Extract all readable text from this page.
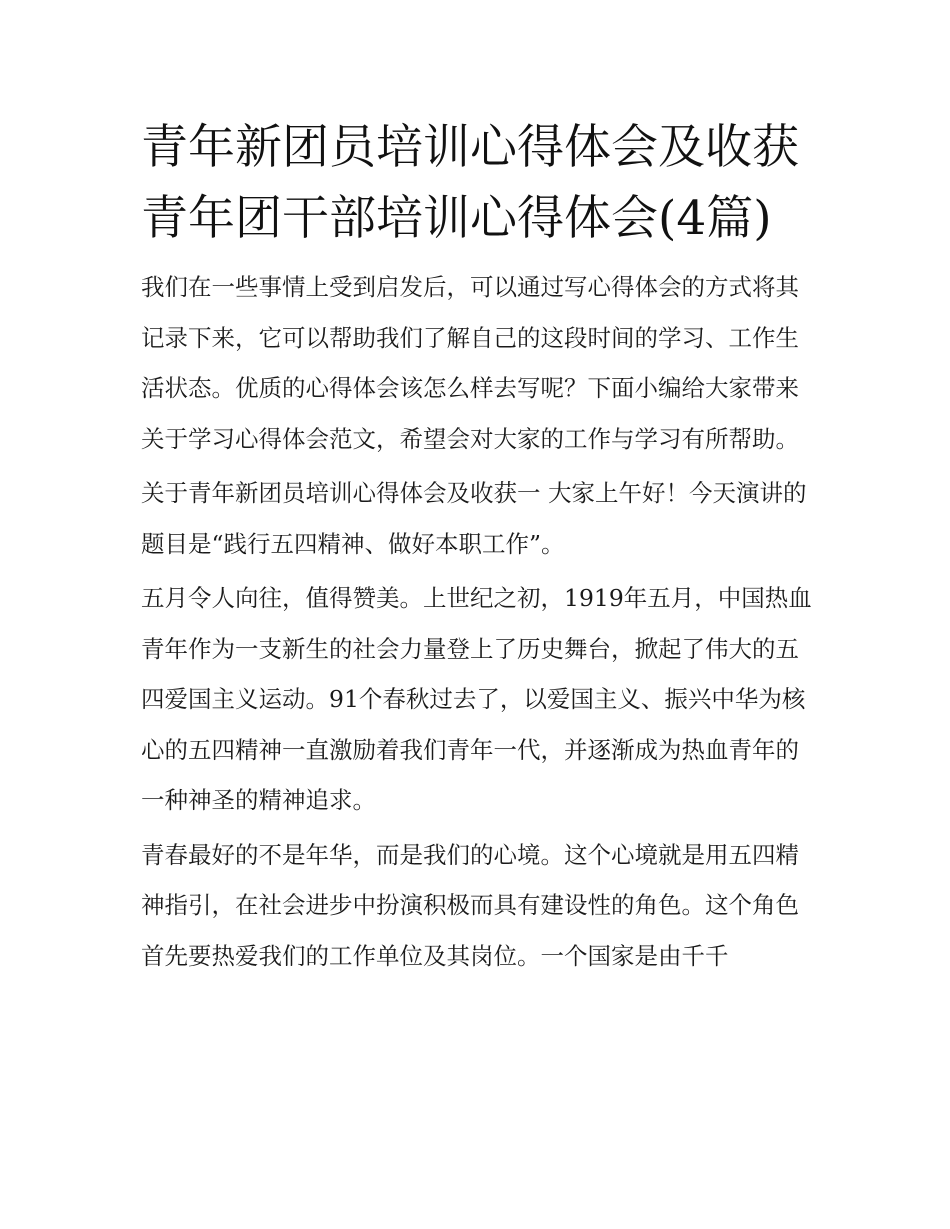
青年新团员培训心得体会及收获 青年团干部培训心得体会(4篇)

我们在一些事情上受到启发后，可以通过写心得体会的方式将其记录下来，它可以帮助我们了解自己的这段时间的学习、工作生活状态。优质的心得体会该怎么样去写呢？下面小编给大家带来关于学习心得体会范文，希望会对大家的工作与学习有所帮助。

关于青年新团员培训心得体会及收获一 大家上午好！今天演讲的题目是“践行五四精神、做好本职工作”。

五月令人向往，值得赞美。上世纪之初，1919年五月，中国热血青年作为一支新生的社会力量登上了历史舞台，掀起了伟大的五四爱国主义运动。91个春秋过去了，以爱国主义、振兴中华为核心的五四精神一直激励着我们青年一代，并逐渐成为热血青年的一种神圣的精神追求。

青春最好的不是年华，而是我们的心境。这个心境就是用五四精神指引，在社会进步中扮演积极而具有建设性的角色。这个角色首先要热爱我们的工作单位及其岗位。一个国家是由千千
